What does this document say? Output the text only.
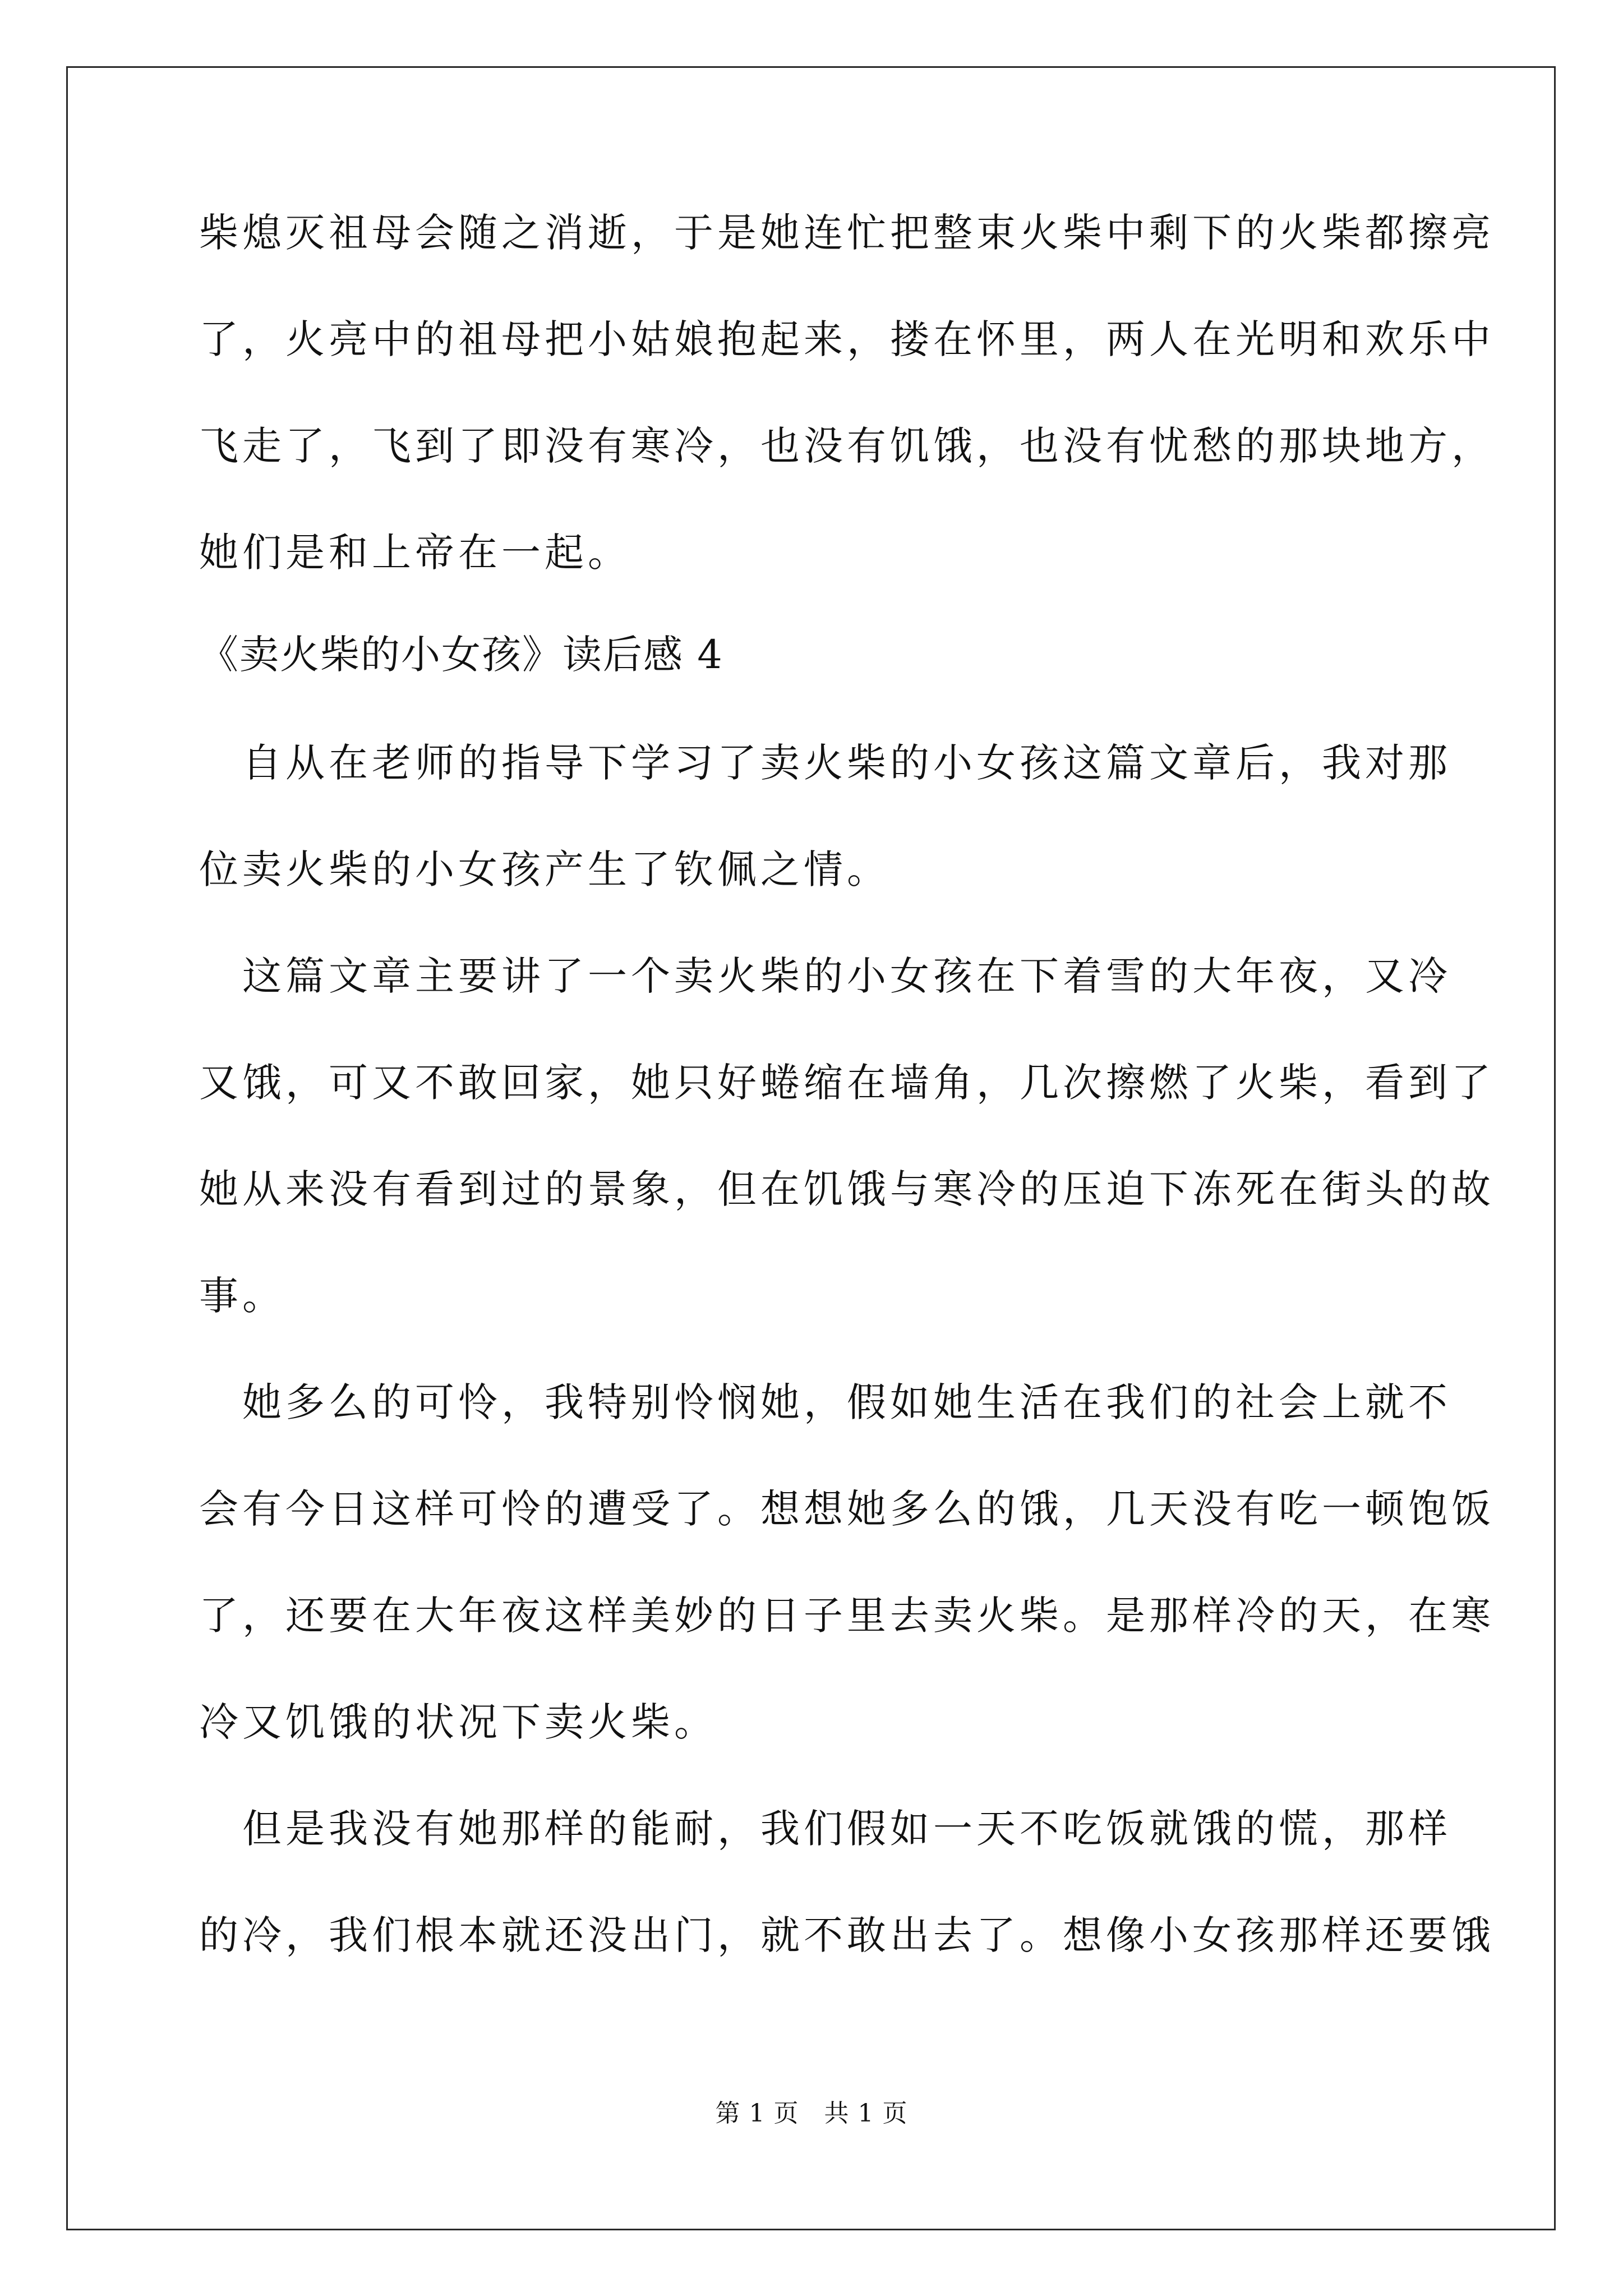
柴熄灭祖母会随之消逝，于是她连忙把整束火柴中剩下的火柴都擦亮
了，火亮中的祖母把小姑娘抱起来，搂在怀里，两人在光明和欢乐中
飞走了，飞到了即没有寒冷，也没有饥饿，也没有忧愁的那块地方，
她们是和上帝在一起。
《卖火柴的小女孩》读后感 4
　自从在老师的指导下学习了卖火柴的小女孩这篇文章后，我对那
位卖火柴的小女孩产生了钦佩之情。
　这篇文章主要讲了一个卖火柴的小女孩在下着雪的大年夜，又冷
又饿，可又不敢回家，她只好蜷缩在墙角，几次擦燃了火柴，看到了
她从来没有看到过的景象，但在饥饿与寒冷的压迫下冻死在街头的故
事。
　她多么的可怜，我特别怜悯她，假如她生活在我们的社会上就不
会有今日这样可怜的遭受了。想想她多么的饿，几天没有吃一顿饱饭
了，还要在大年夜这样美妙的日子里去卖火柴。是那样冷的天，在寒
冷又饥饿的状况下卖火柴。
　但是我没有她那样的能耐，我们假如一天不吃饭就饿的慌，那样
的冷，我们根本就还没出门，就不敢出去了。想像小女孩那样还要饿
第 1 页　共 1 页
